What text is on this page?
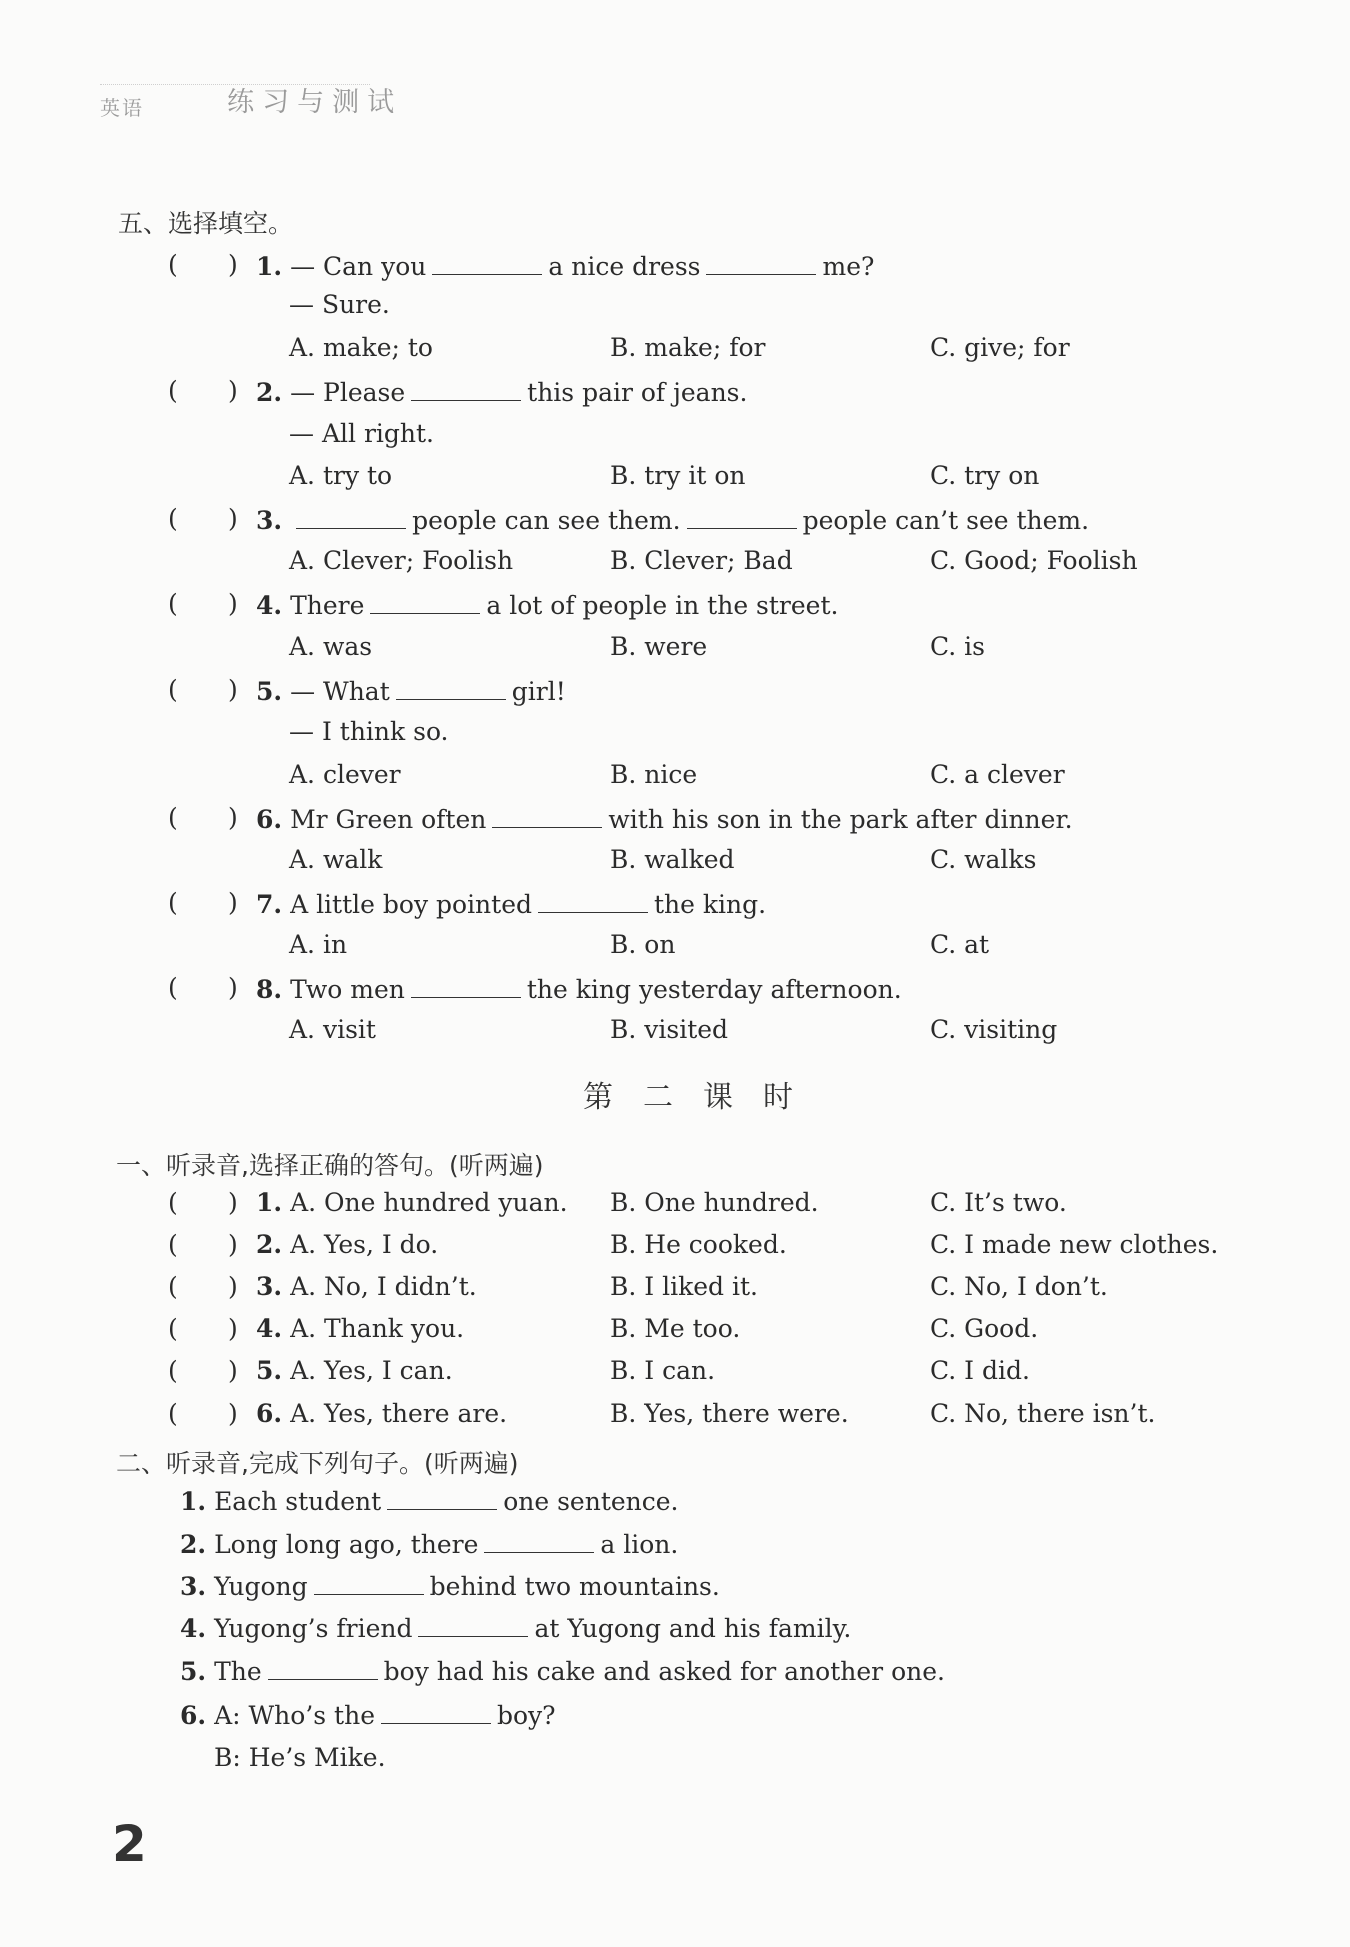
英语	练习与测试
五、选择填空。
( ) 1. — Can you	a nice dress	me?
— Sure.
A. make; to	B. make; for	C. give; for
( ) 2. — Please	this pair of jeans.
— All right.
A. try to	B. try it on	C. try on
( ) 3.	people can see them.	people can’t see them.
A. Clever; Foolish	B. Clever; Bad	C. Good; Foolish
( ) 4. There	a lot of people in the street.
A. was	B. were	C. is
( ) 5. — What	girl!
— I think so.
A. clever	B. nice	C. a clever
( ) 6. Mr Green often	with his son in the park after dinner.
A. walk	B. walked	C. walks
( ) 7. A little boy pointed	the king.
A. in	B. on	C. at
( ) 8. Two men	the king yesterday afternoon.
A. visit	B. visited	C. visiting
第二课时
一、听录音,选择正确的答句。(听两遍)
( ) 1. A. One hundred yuan. B. One hundred.	C. It’s two.
( ) 2. A. Yes, I do.	B. He cooked.	C. I made new clothes.
( ) 3. A. No, I didn’t.	B. I liked it.	C. No, I don’t.
( ) 4. A. Thank you.	B. Me too.	C. Good.
( ) 5. A. Yes, I can.	B. I can.	C. I did.
( ) 6. A. Yes, there are.	B. Yes, there were.	C. No, there isn’t.
二、听录音,完成下列句子。(听两遍)
1. Each student	one sentence.
2. Long long ago, there	a lion.
3. Yugong	behind two mountains.
4. Yugong’s friend	at Yugong and his family.
5. The	boy had his cake and asked for another one.
6. A: Who’s the	boy?
B: He’s Mike.
2
